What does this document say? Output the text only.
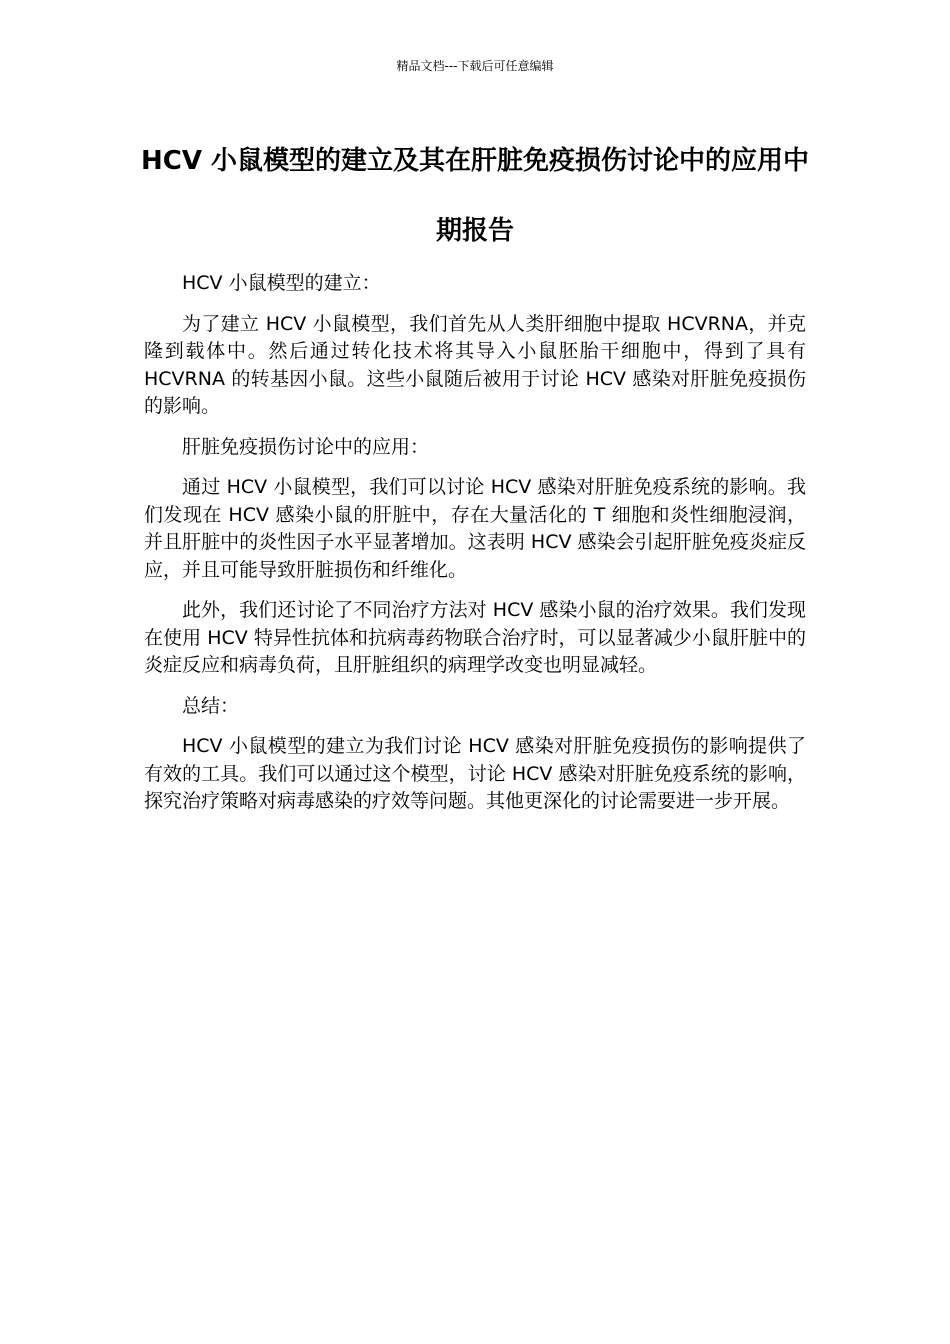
精品文档---下载后可任意编辑
HCV 小鼠模型的建立及其在肝脏免疫损伤讨论中的应用中期报告

HCV 小鼠模型的建立：

为了建立 HCV 小鼠模型，我们首先从人类肝细胞中提取 HCVRNA，并克隆到载体中。然后通过转化技术将其导入小鼠胚胎干细胞中，得到了具有 HCVRNA 的转基因小鼠。这些小鼠随后被用于讨论 HCV 感染对肝脏免疫损伤的影响。

肝脏免疫损伤讨论中的应用：

通过 HCV 小鼠模型，我们可以讨论 HCV 感染对肝脏免疫系统的影响。我们发现在 HCV 感染小鼠的肝脏中，存在大量活化的 T 细胞和炎性细胞浸润，并且肝脏中的炎性因子水平显著增加。这表明 HCV 感染会引起肝脏免疫炎症反应，并且可能导致肝脏损伤和纤维化。

此外，我们还讨论了不同治疗方法对 HCV 感染小鼠的治疗效果。我们发现在使用 HCV 特异性抗体和抗病毒药物联合治疗时，可以显著减少小鼠肝脏中的炎症反应和病毒负荷，且肝脏组织的病理学改变也明显减轻。

总结：

HCV 小鼠模型的建立为我们讨论 HCV 感染对肝脏免疫损伤的影响提供了有效的工具。我们可以通过这个模型，讨论 HCV 感染对肝脏免疫系统的影响，探究治疗策略对病毒感染的疗效等问题。其他更深化的讨论需要进一步开展。
